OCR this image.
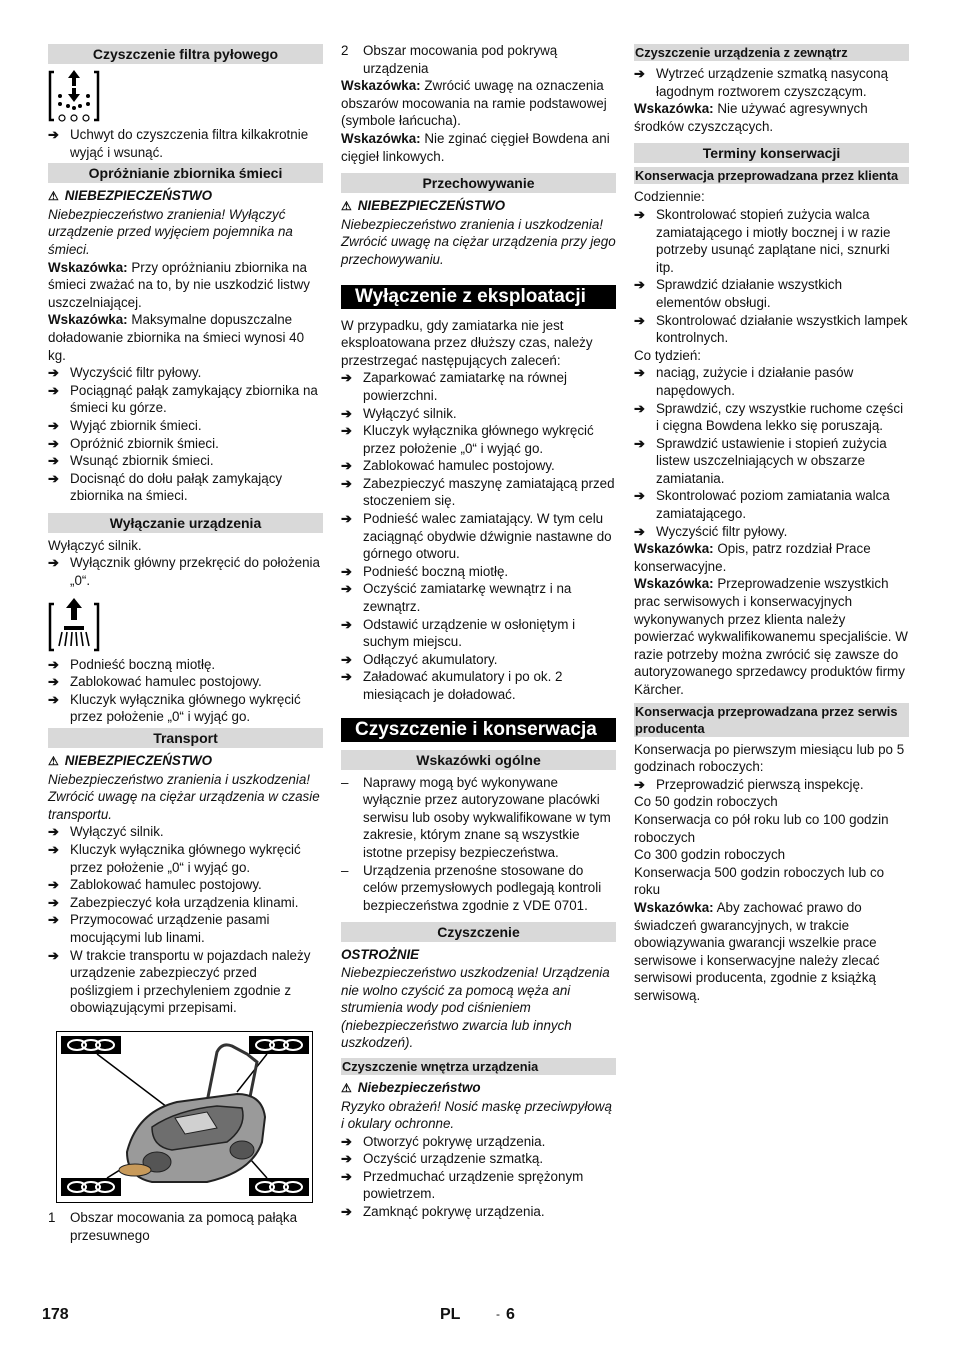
Czyszczenie filtra pyłowego
➔ Uchwyt do czyszczenia filtra kilkakrotnie wyjąć i wsunąć.
Opróżnianie zbiornika śmieci

⚠ NIEBEZPIECZEŃSTWO

Niebezpieczeństwo zranienia! Wyłączyć urządzenie przed wyjęciem pojemnika na śmieci.

Wskazówka: Przy opróżnianiu zbiornika na śmieci zważać na to, by nie uszkodzić listwy uszczelniającej.

Wskazówka: Maksymalne dopuszczalne doładowanie zbiornika na śmieci wynosi 40 kg.

➔ Wyczyścić filtr pyłowy.
➔ Pociągnąć pałąk zamykający zbiornika na śmieci ku górze.
➔ Wyjąć zbiornik śmieci.
➔ Opróżnić zbiornik śmieci.
➔ Wsunąć zbiornik śmieci.
➔ Docisnąć do dołu pałąk zamykający zbiornika na śmieci.
Wyłączanie urządzenia

Wyłączyć silnik.

➔ Wyłącznik główny przekręcić do położenia „0“.
➔ Podnieść boczną miotłę.
➔ Zablokować hamulec postojowy.
➔ Kluczyk wyłącznika głównego wykręcić przez położenie „0“ i wyjąć go.
Transport

⚠ NIEBEZPIECZEŃSTWO

Niebezpieczeństwo zranienia i uszkodzenia! Zwrócić uwagę na ciężar urządzenia w czasie transportu.

➔ Wyłączyć silnik.
➔ Kluczyk wyłącznika głównego wykręcić przez położenie „0“ i wyjąć go.
➔ Zablokować hamulec postojowy.
➔ Zabezpieczyć koła urządzenia klinami.
➔ Przymocować urządzenie pasami mocującymi lub linami.
➔ W trakcie transportu w pojazdach należy urządzenie zabezpieczyć przed poślizgiem i przechyleniem zgodnie z obowiązującymi przepisami.

1 Obszar mocowania za pomocą pałąka przesuwnego

2 Obszar mocowania pod pokrywą urządzenia

Wskazówka: Zwrócić uwagę na oznaczenia obszarów mocowania na ramie podstawowej (symbole łańcucha).

Wskazówka: Nie zginać cięgieł Bowdena ani cięgieł linkowych.

Przechowywanie

⚠ NIEBEZPIECZEŃSTWO

Niebezpieczeństwo zranienia i uszkodzenia! Zwrócić uwagę na ciężar urządzenia przy jego przechowywaniu.

Wyłączenie z eksploatacji

W przypadku, gdy zamiatarka nie jest eksploatowana przez dłuższy czas, należy przestrzegać następujących zaleceń:

➔ Zaparkować zamiatarkę na równej powierzchni.
➔ Wyłączyć silnik.
➔ Kluczyk wyłącznika głównego wykręcić przez położenie „0“ i wyjąć go.
➔ Zablokować hamulec postojowy.
➔ Zabezpieczyć maszynę zamiatającą przed stoczeniem się.
➔ Podnieść walec zamiatający. W tym celu zaciągnąć obydwie dźwignie nastawne do górnego otworu.
➔ Podnieść boczną miotłę.
➔ Oczyścić zamiatarkę wewnątrz i na zewnątrz.
➔ Odstawić urządzenie w osłoniętym i suchym miejscu.
➔ Odłączyć akumulatory.
➔ Załadować akumulatory i po ok. 2 miesiącach je doładować.
Czyszczenie i konserwacja
Wskazówki ogólne
– Naprawy mogą być wykonywane wyłącznie przez autoryzowane placówki serwisu lub osoby wykwalifikowane w tym zakresie, którym znane są wszystkie istotne przepisy bezpieczeństwa.
– Urządzenia przenośne stosowane do celów przemysłowych podlegają kontroli bezpieczeństwa zgodnie z VDE 0701.
Czyszczenie

OSTROŻNIE

Niebezpieczeństwo uszkodzenia! Urządzenia nie wolno czyścić za pomocą węża ani strumienia wody pod ciśnieniem (niebezpieczeństwo zwarcia lub innych uszkodzeń).

Czyszczenie wnętrza urządzenia

⚠ Niebezpieczeństwo

Ryzyko obrażeń! Nosić maskę przeciwpyłową i okulary ochronne.

➔ Otworzyć pokrywę urządzenia.
➔ Oczyścić urządzenie szmatką.
➔ Przedmuchać urządzenie sprężonym powietrzem.
➔ Zamknąć pokrywę urządzenia.
Czyszczenie urządzenia z zewnątrz
➔ Wytrzeć urządzenie szmatką nasyconą łagodnym roztworem czyszczącym.

Wskazówka: Nie używać agresywnych środków czyszczących.

Terminy konserwacji
Konserwacja przeprowadzana przez klienta

Codziennie:

➔ Skontrolować stopień zużycia walca zamiatającego i miotły bocznej i w razie potrzeby usunąć zaplątane nici, sznurki itp.
➔ Sprawdzić działanie wszystkich elementów obsługi.
➔ Skontrolować działanie wszystkich lampek kontrolnych.

Co tydzień:

➔ naciąg, zużycie i działanie pasów napędowych.
➔ Sprawdzić, czy wszystkie ruchome części i cięgna Bowdena lekko się poruszają.
➔ Sprawdzić ustawienie i stopień zużycia listew uszczelniających w obszarze zamiatania.
➔ Skontrolować poziom zamiatania walca zamiatającego.
➔ Wyczyścić filtr pyłowy.

Wskazówka: Opis, patrz rozdział Prace konserwacyjne.

Wskazówka: Przeprowadzenie wszystkich prac serwisowych i konserwacyjnych wykonywanych przez klienta należy powierzać wykwalifikowanemu specjaliście. W razie potrzeby można zwrócić się zawsze do autoryzowanego sprzedawcy produktów firmy Kärcher.

Konserwacja przeprowadzana przez serwis producenta

Konserwacja po pierwszym miesiącu lub po 5 godzinach roboczych:

➔ Przeprowadzić pierwszą inspekcję.

Co 50 godzin roboczych

Konserwacja co pół roku lub co 100 godzin roboczych

Co 300 godzin roboczych

Konserwacja 500 godzin roboczych lub co roku

Wskazówka: Aby zachować prawo do świadczeń gwarancyjnych, w trakcie obowiązywania gwarancji wszelkie prace serwisowe i konserwacyjne należy zlecać serwisowi producenta, zgodnie z książką serwisową.

178	PL	- 6
